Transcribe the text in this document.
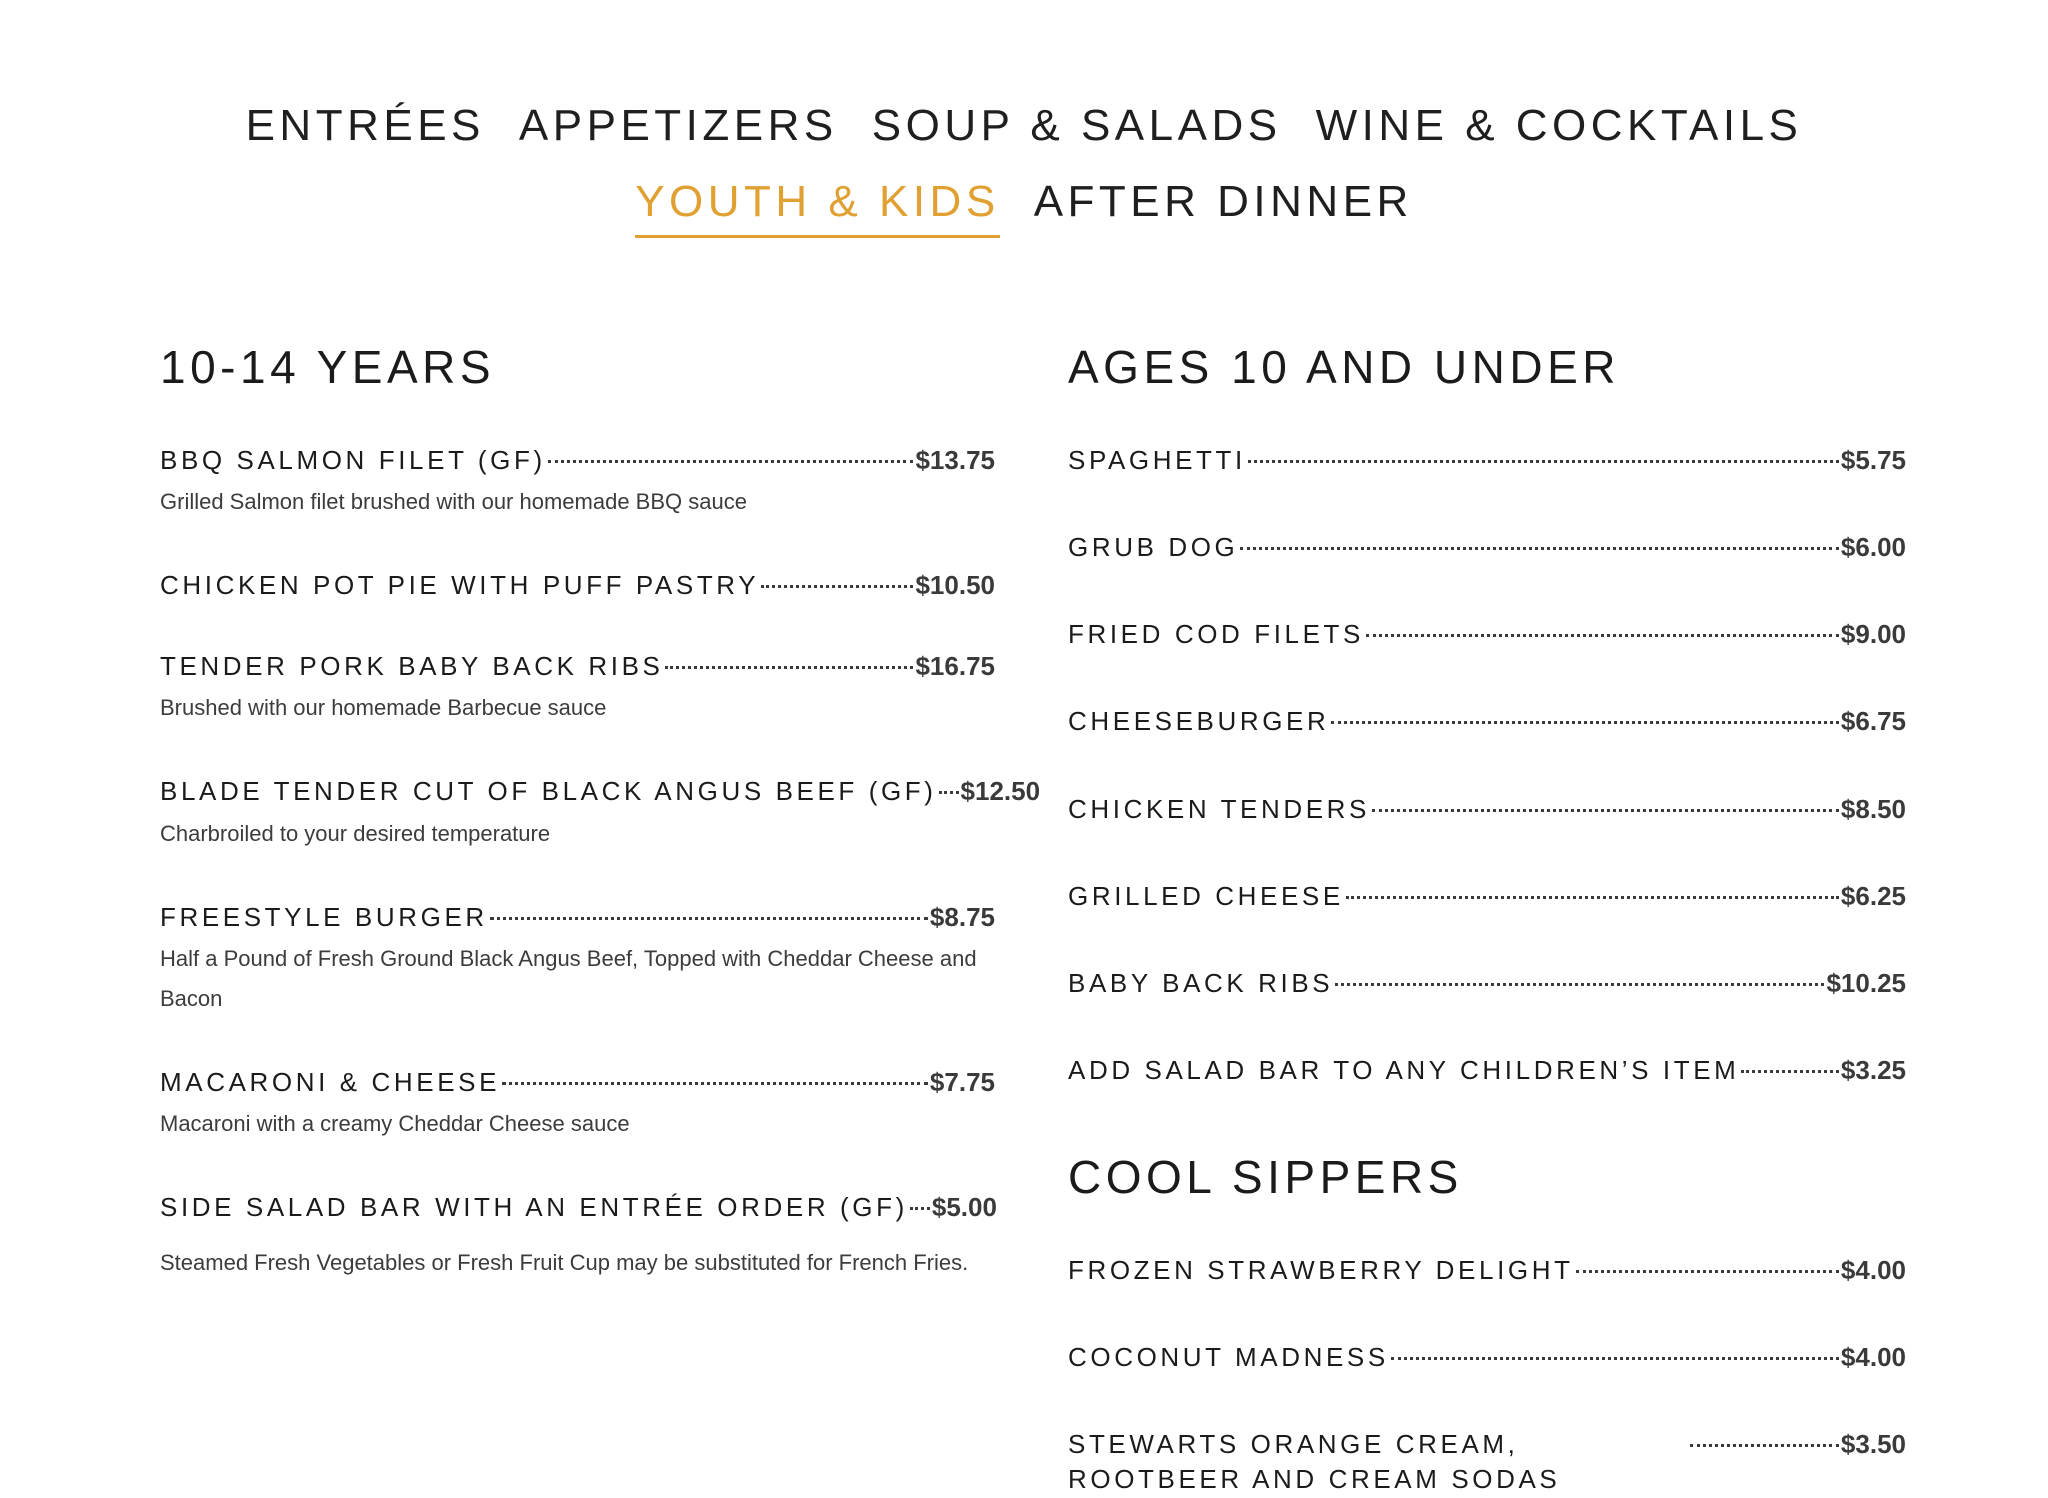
ENTRÉES APPETIZERS SOUP & SALADS WINE & COCKTAILS
YOUTH & KIDS AFTER DINNER
10-14 YEARS
BBQ SALMON FILET (GF)	$13.75
Grilled Salmon filet brushed with our homemade BBQ sauce
CHICKEN POT PIE WITH PUFF PASTRY	$10.50
TENDER PORK BABY BACK RIBS	$16.75
Brushed with our homemade Barbecue sauce
BLADE TENDER CUT OF BLACK ANGUS BEEF (GF) $12.50
Charbroiled to your desired temperature
FREESTYLE BURGER	$8.75
Half a Pound of Fresh Ground Black Angus Beef, Topped with Cheddar Cheese and Bacon
MACARONI & CHEESE	$7.75
Macaroni with a creamy Cheddar Cheese sauce
SIDE SALAD BAR WITH AN ENTRÉE ORDER (GF) $5.00

Steamed Fresh Vegetables or Fresh Fruit Cup may be substituted for French Fries.

AGES 10 AND UNDER
SPAGHETTI	$5.75
GRUB DOG	$6.00
FRIED COD FILETS	$9.00
CHEESEBURGER	$6.75
CHICKEN TENDERS	$8.50
GRILLED CHEESE	$6.25
BABY BACK RIBS	$10.25
ADD SALAD BAR TO ANY CHILDREN’S ITEM	$3.25
COOL SIPPERS
FROZEN STRAWBERRY DELIGHT	$4.00
COCONUT MADNESS	$4.00
STEWARTS ORANGE CREAM, ROOTBEER AND CREAM SODAS
$3.50
